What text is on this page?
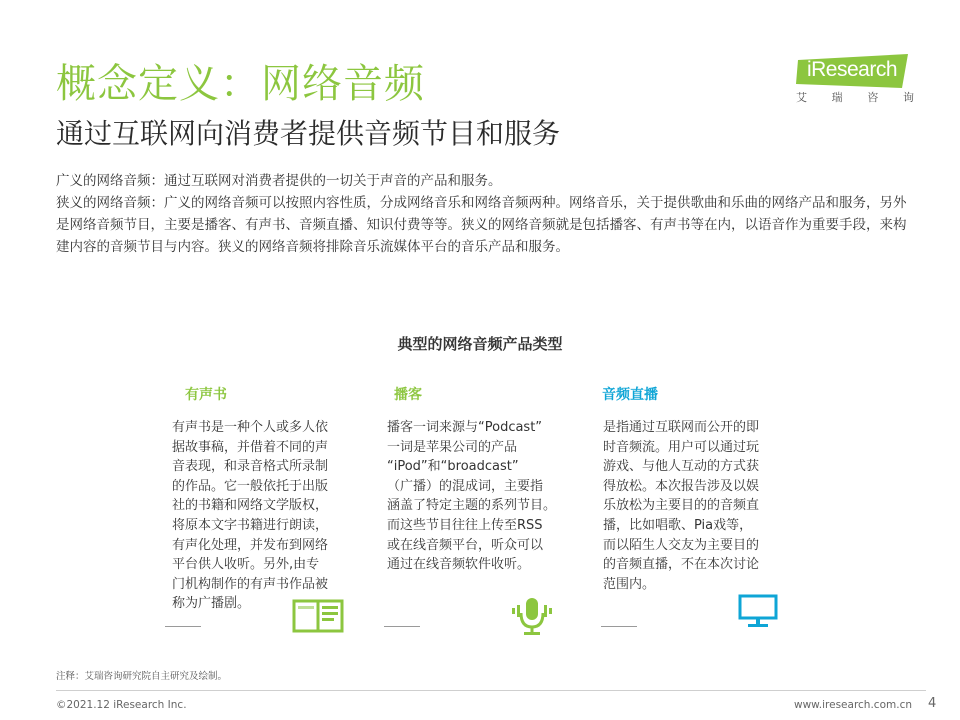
概念定义：网络音频
通过互联网向消费者提供音频节目和服务
iResearch
艾 瑞 咨 询

广义的网络音频：通过互联网对消费者提供的一切关于声音的产品和服务。

狭义的网络音频：广义的网络音频可以按照内容性质，分成网络音乐和网络音频两种。网络音乐，关于提供歌曲和乐曲的网络产品和服务，另外是网络音频节目，主要是播客、有声书、音频直播、知识付费等等。狭义的网络音频就是包括播客、有声书等在内，以语音作为重要手段，来构建内容的音频节目与内容。狭义的网络音频将排除音乐流媒体平台的音乐产品和服务。

典型的网络音频产品类型
有声书

有声书是一种个人或多人依

据故事稿，并借着不同的声

音表现，和录音格式所录制

的作品。它一般依托于出版

社的书籍和网络文学版权，

将原本文字书籍进行朗读，

有声化处理，并发布到网络

平台供人收听。另外,由专

门机构制作的有声书作品被

称为广播剧。

播客

播客一词来源与“Podcast”

一词是苹果公司的产品

“iPod”和“broadcast”

（广播）的混成词，主要指

涵盖了特定主题的系列节目。

而这些节目往往上传至RSS

或在线音频平台，听众可以

通过在线音频软件收听。

音频直播

是指通过互联网而公开的即

时音频流。用户可以通过玩

游戏、与他人互动的方式获

得放松。本次报告涉及以娱

乐放松为主要目的的音频直

播，比如唱歌、Pia戏等，

而以陌生人交友为主要目的

的音频直播，不在本次讨论

范围内。

注释：艾瑞咨询研究院自主研究及绘制。
©2021.12 iResearch Inc.	www.iresearch.com.cn 4
